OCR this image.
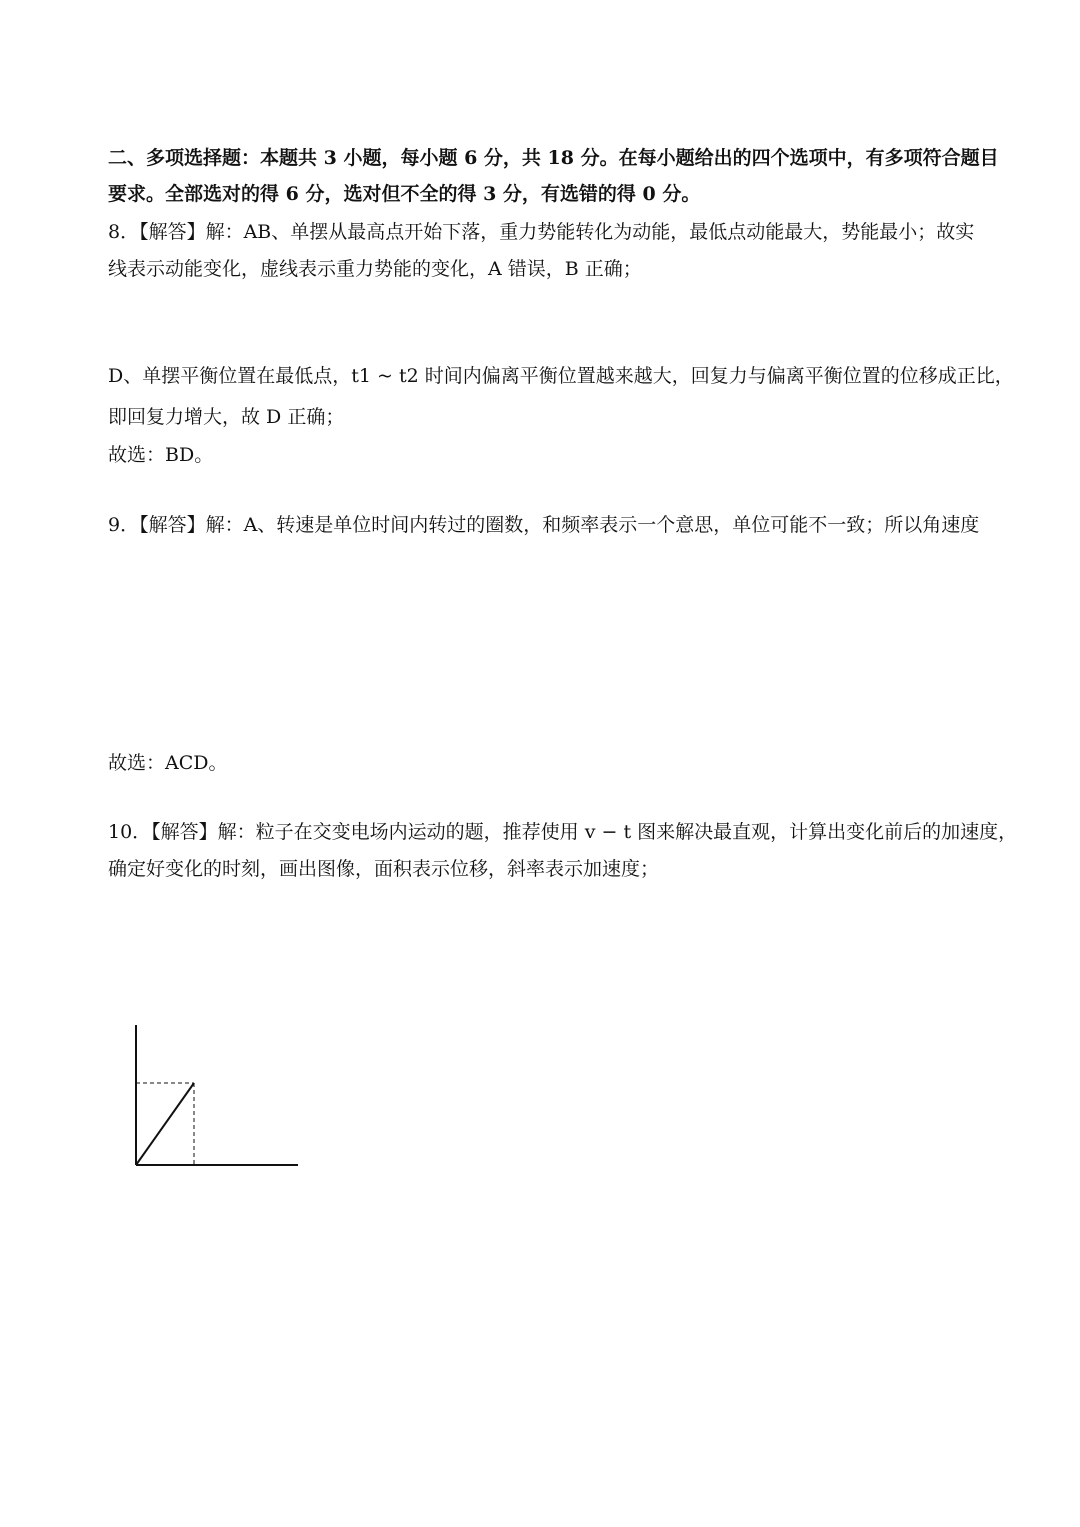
二、多项选择题：本题共 3 小题，每小题 6 分，共 18 分。在每小题给出的四个选项中，有多项符合题目
要求。全部选对的得 6 分，选对但不全的得 3 分，有选错的得 0 分。
8．【解答】解：AB、单摆从最高点开始下落，重力势能转化为动能，最低点动能最大，势能最小；故实
线表示动能变化，虚线表示重力势能的变化，A 错误，B 正确；
D、单摆平衡位置在最低点，t1 ~ t2 时间内偏离平衡位置越来越大，回复力与偏离平衡位置的位移成正比，
即回复力增大，故 D 正确；
故选：BD。
9．【解答】解：A、转速是单位时间内转过的圈数，和频率表示一个意思，单位可能不一致；所以角速度
故选：ACD。
10．【解答】解：粒子在交变电场内运动的题，推荐使用 v − t 图来解决最直观，计算出变化前后的加速度，
确定好变化的时刻，画出图像，面积表示位移，斜率表示加速度；
